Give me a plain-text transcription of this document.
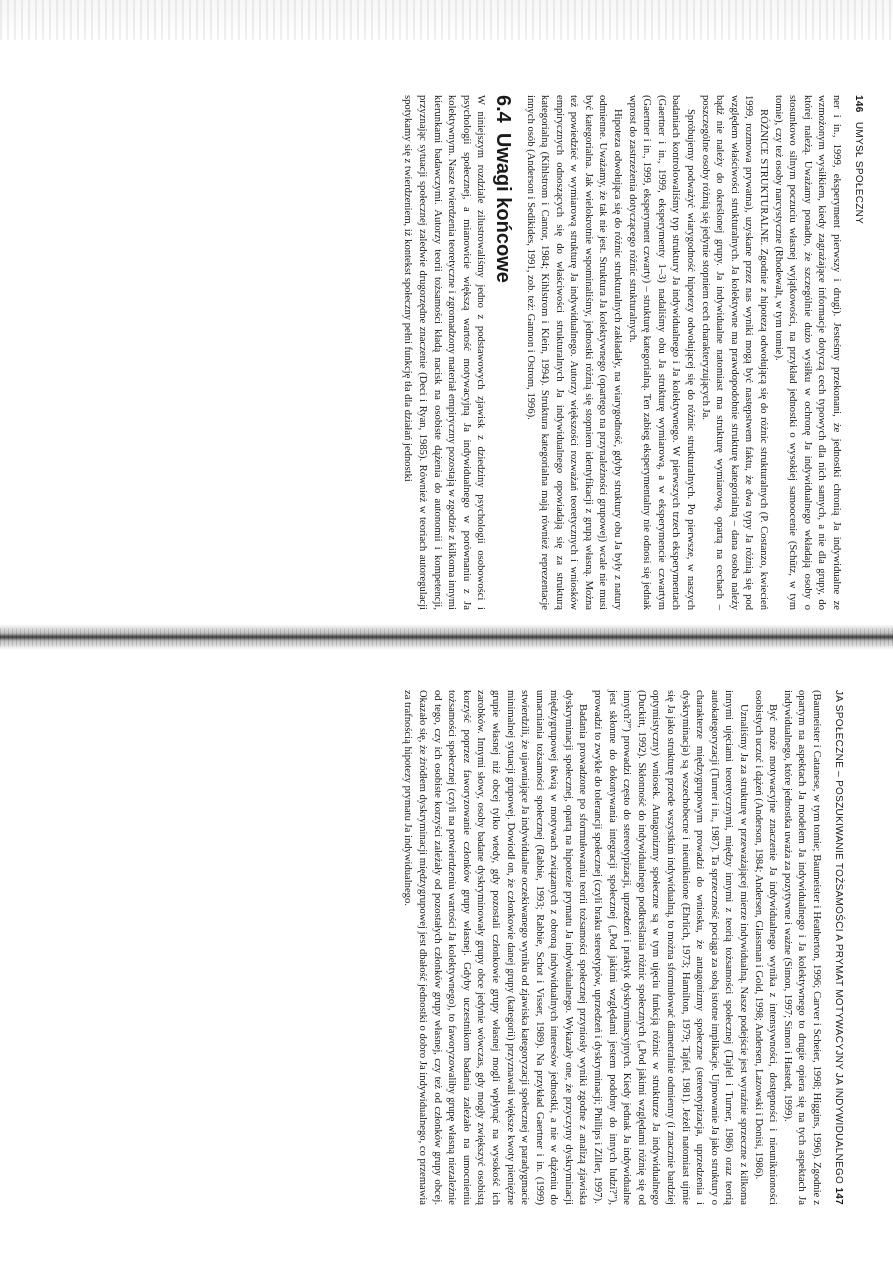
146   UMYSŁ SPOŁECZNY

ner i in., 1999, eksperyment pierwszy i drugi). Jesteśmy przekonani, że jednostki chronią Ja indywidualne ze wzmożonym wysiłkiem, kiedy zagrażające informacje dotyczą cech typowych dla nich samych, a nie dla grupy, do której należą. Uważamy ponadto, że szczególnie dużo wysiłku w ochronę Ja indywidualnego wkładają osoby o stosunkowo silnym poczuciu własnej wyjątkowości, na przykład jednostki o wysokiej samoocenie (Schütz, w tym tomie), czy też osoby narcystyczne (Rhodewalt, w tym tomie).

RÓŻNICE STRUKTURALNE. Zgodnie z hipotezą odwołującą się do różnic strukturalnych (P. Costanzo, kwiecień 1999, rozmowa prywatna), uzyskane przez nas wyniki mogą być następstwem faktu, że dwa typy Ja różnią się pod względem właściwości strukturalnych. Ja kolektywne ma prawdopodobnie strukturę kategorialną – dana osoba należy bądź nie należy do określonej grupy. Ja indywidualne natomiast ma strukturę wymiarową, opartą na cechach – poszczególne osoby różnią się jedynie stopniem cech charakteryzujących Ja.

Spróbujemy podważyć wiarygodność hipotezy odwołującej się do różnic strukturalnych. Po pierwsze, w naszych badaniach kontrolowaliśmy typ struktury Ja indywidualnego i Ja kolektywnego. W pierwszych trzech eksperymentach (Gaertner i in., 1999, eksperymenty 1–3) nadaliśmy obu Ja strukturę wymiarową, a w eksperymencie czwartym (Gaertner i in., 1999, eksperyment czwarty) – strukturę kategorialną. Ten zabieg eksperymentalny nie odnosi się jednak wprost do zastrzeżenia dotyczącego różnic strukturalnych.

Hipoteza odwołująca się do różnic strukturalnych zakładały, na wiarygodność, gdyby struktury obu Ja były z natury odmienne. Uważamy, że tak nie jest. Struktura Ja kolektywnego (opartego na przynależności grupowej) wcale nie musi być kategorialna. Jak wielokrotnie wspominaliśmy, jednostki różnią się stopniem identyfikacji z grupą własną. Można też powiedzieć w wymiarową strukturę Ja indywidualnego. Autorzy większości rozważań teoretycznych i wniosków empirycznych odnoszących się do właściwości strukturalnych Ja indywidualnego opowiadają się za strukturą kategorialną (Kihlstrom i Cantor, 1984; Kihlstrom i Klein, 1994). Struktura kategorialna mają również reprezentacje innych osób (Anderson i Sedikides, 1991, zob. też: Gannon i Ostrom, 1996).

6.4
Uwagi końcowe

W niniejszym rozdziale zilustrowaliśmy jedno z podstawowych zjawisk z dziedziny psychologii osobowości i psychologii społecznej, a mianowicie większą wartość motywacyjną Ja indywidualnego w porównaniu z Ja kolektywnym. Nasze twierdzenia teoretyczne i zgromadzony materiał empiryczny pozostają w zgodzie z kilkoma innymi kierunkami badawczymi. Autorzy teorii tożsamości kładą nacisk na osobiste dążenia do autonomii i kompetencji, przyznając sytuacji społecznej zaledwie drugorzędne znaczenie (Deci i Ryan, 1985). Również w teoriach autoregulacji spotykamy się z twierdzeniem, iż kontekst społeczny pełni funkcję tła dla działań jednostki

JA SPOŁECZNE – POSZUKIWANIE TOŻSAMOŚCI A PRYMAT MOTYWACYJNY JA INDYWIDUALNEGO
147

(Baumeister i Catanese, w tym tomie; Baumeister i Heatherton, 1996; Carver i Scheier, 1998; Higgins, 1996). Zgodnie z opartym na aspektach Ja modelem Ja indywidualnego i Ja kolektywnego to drugie opiera się na tych aspektach Ja indywidualnego, które jednostka uważa za pozytywne i ważne (Simon, 1997; Simon i Hastedt, 1999).

Być może motywacyjne znaczenie Ja indywidualnego wynika z intensywności, dostępności i nieuniknioności osobistych uczuć i dążeń (Anderson, 1984; Andersen, Glassman i Gold, 1998; Andersen, Lazowski i Donisi, 1986).

Uznaliśmy Ja za strukturę w przeważającej mierze indywidualną. Nasze podejście jest wyraźnie sprzeczne z kilkoma innymi ujęciami teoretycznymi, między innymi z teorią tożsamości społecznej (Tajfel i Turner, 1986) oraz teorią autokategoryzacji (Turner i in., 1987). Ta sprzeczność pociąga za sobą istotne implikacje. Ujmowanie Ja jako struktury o charakterze międzygrupowym prowadzi do wniosku, że antagonizmy społeczne (stereotypizacja, uprzedzenia i dyskryminacja) są wszechobecne i nieuniknione (Ehrlich, 1973; Hamilton, 1979; Tajfel, 1981). Jeżeli natomiast ujmie się Ja jako strukturę przede wszystkim indywidualną, to można sformułować diametralnie odmienny (i znacznie bardziej optymistyczny) wniosek. Antagonizmy społeczne są w tym ujęciu funkcją różnic w strukturze Ja indywidualnego (Duckitt, 1992). Skłonność do indywidualnego podkreślania różnic społecznych („Pod jakimi względami różnię się od innych?”) prowadzi często do stereotypizacji, uprzedzeń i praktyk dyskryminacyjnych. Kiedy jednak Ja indywidualne jest skłonne do dokonywania integracji społecznej („Pod jakimi względami jestem podobny do innych ludzi?”), prowadzi to zwykle do tolerancji społecznej (czyli braku stereotypów, uprzedzeń i dyskryminacji; Phillips i Ziller, 1997).

Badania prowadzone po sformułowaniu teorii tożsamości społecznej przyniosły wyniki zgodne z analizą zjawiska dyskryminacji społecznej, opartą na hipotezie prymatu Ja indywidualnego. Wykazały one, że przyczyny dyskryminacji międzygrupowej tkwią w motywach związanych z obroną indywidualnych interesów jednostki, a nie w dążeniu do umacniania tożsamości społecznej (Rabbie, 1993; Rabbie, Schot i Visser, 1989). Na przykład Gaertner i in. (1999) stwierdzili, że ujawniające Ja indywidualne oczekiwanego wyniku od zjawiska kategoryzacji społecznej w paradygmacie minimalnej sytuacji grupowej. Dowiodł on, że członkowie danej grupy (kategorii) przyznawali większe kwoty pieniężne grupie własnej niż obcej tylko wtedy, gdy pozostali członkowie grupy własnej mogli wpłynąć na wysokość ich zarobków. Innymi słowy, osoby badane dyskryminowały grupy obce jedynie wówczas, gdy mogły zwiększyć osobistą korzyść poprzez faworyzowanie członków grupy własnej. Gdyby uczestnikom badania zależało na umocnieniu tożsamości społecznej (czyli na potwierdzeniu wartości Ja kolektywnego), to faworyzowaliby grupę własną niezależnie od tego, czy ich osobiste korzyści zależały od pozostałych członków grupy własnej, czy też od członków grupy obcej. Okazało się, że źródłem dyskryminacji międzygrupowej jest dbałość jednostki o dobro Ja indywidualnego, co przemawia za trafnością hipotezy prymatu Ja indywidualnego.
